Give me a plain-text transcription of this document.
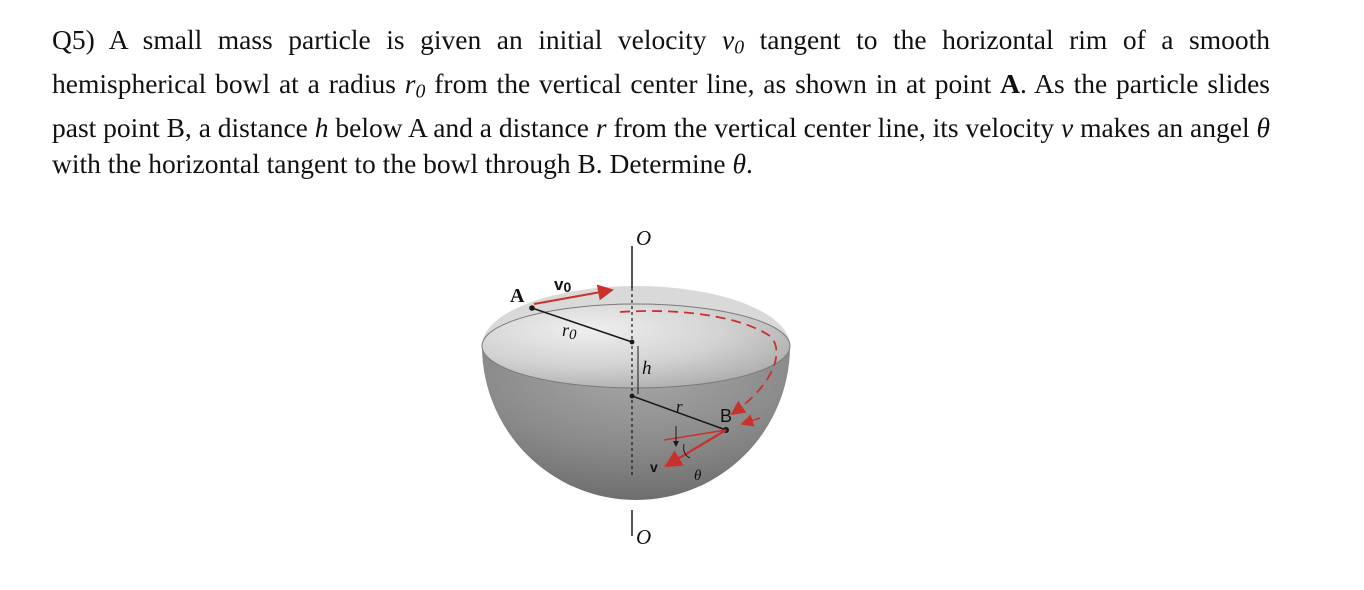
Q5) A small mass particle is given an initial velocity $v_0$ tangent to the horizontal rim of a smooth hemispherical bowl at a radius $r_0$ from the vertical center line, as shown in at point A. As the particle slides past point B, a distance h below A and a distance r from the vertical center line, its velocity v makes an angel θ with the horizontal tangent to the bowl through B. Determine θ.
O
A
v0
r0
h
r B
v
θ
O
